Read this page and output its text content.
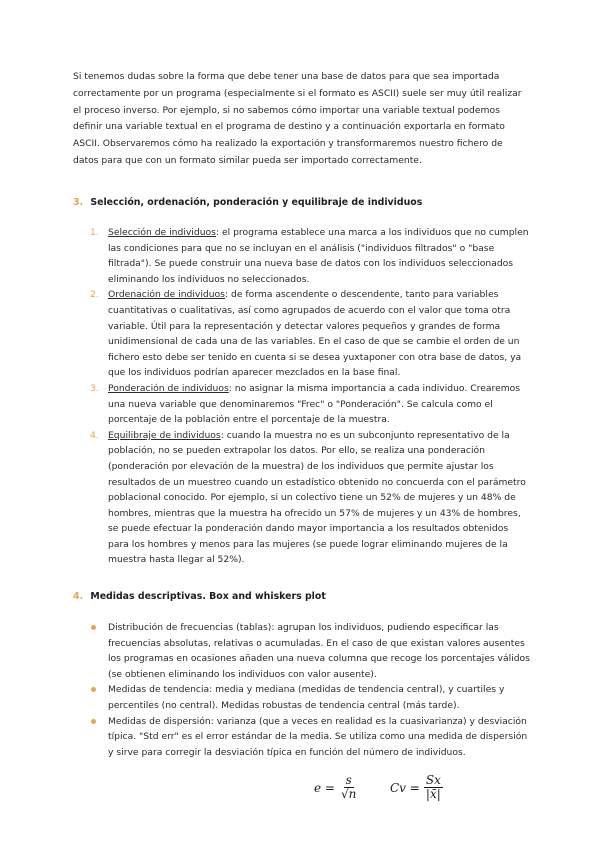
Si tenemos dudas sobre la forma que debe tener una base de datos para que sea importada correctamente por un programa (especialmente si el formato es ASCII) suele ser muy útil realizar el proceso inverso. Por ejemplo, si no sabemos cómo importar una variable textual podemos definir una variable textual en el programa de destino y a continuación exportarla en formato ASCII. Observaremos cómo ha realizado la exportación y transformaremos nuestro fichero de datos para que con un formato similar pueda ser importado correctamente.

3. Selección, ordenación, ponderación y equilibraje de individuos
1. Selección de individuos: el programa establece una marca a los individuos que no cumplen las condiciones para que no se incluyan en el análisis ("individuos filtrados" o "base filtrada"). Se puede construir una nueva base de datos con los individuos seleccionados eliminando los individuos no seleccionados.
2. Ordenación de individuos: de forma ascendente o descendente, tanto para variables cuantitativas o cualitativas, así como agrupados de acuerdo con el valor que toma otra variable. Útil para la representación y detectar valores pequeños y grandes de forma unidimensional de cada una de las variables. En el caso de que se cambie el orden de un fichero esto debe ser tenido en cuenta si se desea yuxtaponer con otra base de datos, ya que los individuos podrían aparecer mezclados en la base final.
3. Ponderación de individuos: no asignar la misma importancia a cada individuo. Crearemos una nueva variable que denominaremos "Frec" o "Ponderación". Se calcula como el porcentaje de la población entre el porcentaje de la muestra.
4. Equilibraje de individuos: cuando la muestra no es un subconjunto representativo de la población, no se pueden extrapolar los datos. Por ello, se realiza una ponderación (ponderación por elevación de la muestra) de los individuos que permite ajustar los resultados de un muestreo cuando un estadístico obtenido no concuerda con el parámetro poblacional conocido. Por ejemplo, si un colectivo tiene un 52% de mujeres y un 48% de hombres, mientras que la muestra ha ofrecido un 57% de mujeres y un 43% de hombres, se puede efectuar la ponderación dando mayor importancia a los resultados obtenidos para los hombres y menos para las mujeres (se puede lograr eliminando mujeres de la muestra hasta llegar al 52%).
4. Medidas descriptivas. Box and whiskers plot
Distribución de frecuencias (tablas): agrupan los individuos, pudiendo especificar las frecuencias absolutas, relativas o acumuladas. En el caso de que existan valores ausentes los programas en ocasiones añaden una nueva columna que recoge los porcentajes válidos (se obtienen eliminando los individuos con valor ausente).
Medidas de tendencia: media y mediana (medidas de tendencia central), y cuartiles y percentiles (no central). Medidas robustas de tendencia central (más tarde).
Medidas de dispersión: varianza (que a veces en realidad es la cuasivarianza) y desviación típica. "Std err" es el error estándar de la media. Se utiliza como una medida de dispersión y sirve para corregir la desviación típica en función del número de individuos.
$e = \frac{s}{√n}$	$Cv = \frac{Sx}{|x̄|}$
